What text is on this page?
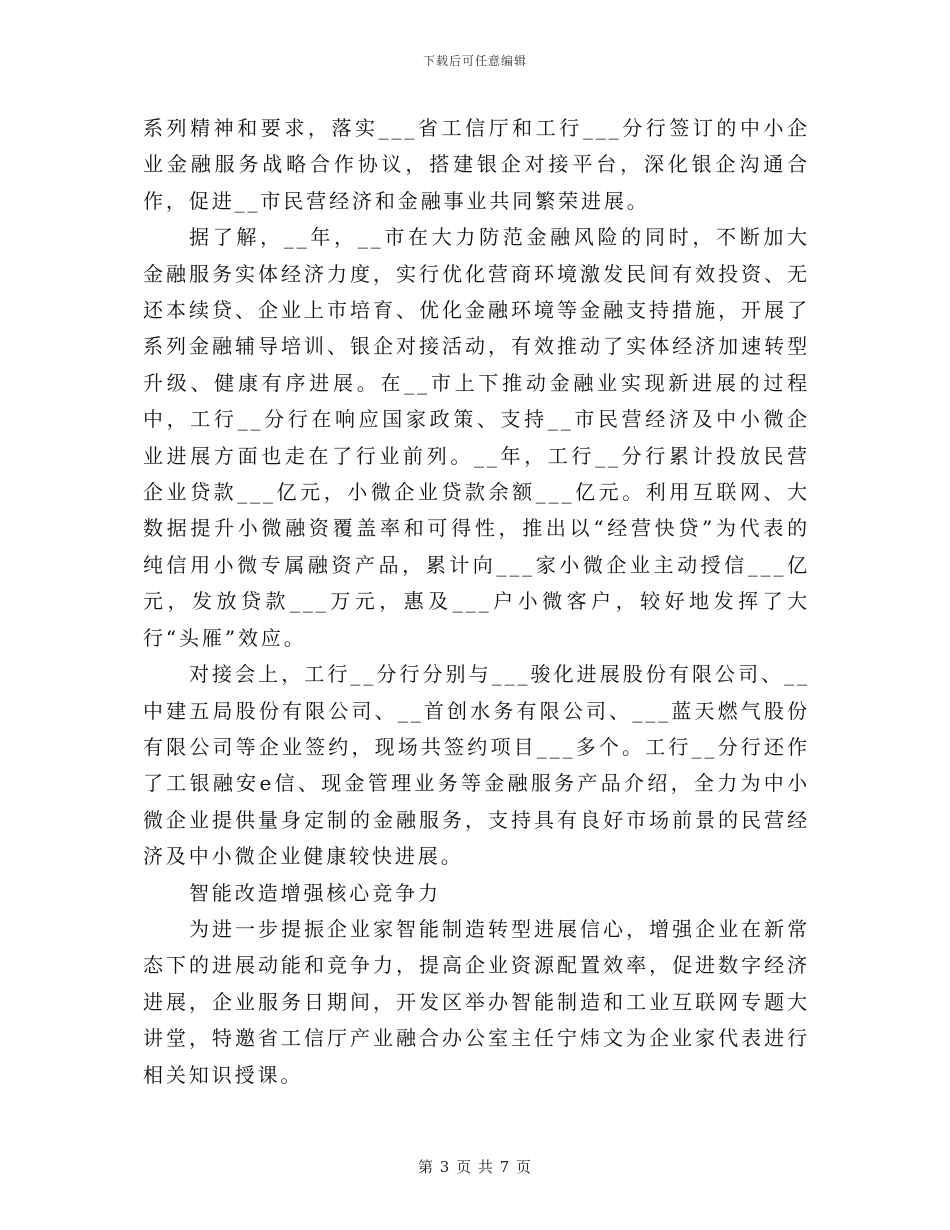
下载后可任意编辑

系列精神和要求，落实___省工信厅和工行___分行签订的中小企业金融服务战略合作协议，搭建银企对接平台，深化银企沟通合作，促进__市民营经济和金融事业共同繁荣进展。

据了解，__年，__市在大力防范金融风险的同时，不断加大金融服务实体经济力度，实行优化营商环境激发民间有效投资、无还本续贷、企业上市培育、优化金融环境等金融支持措施，开展了系列金融辅导培训、银企对接活动，有效推动了实体经济加速转型升级、健康有序进展。在__市上下推动金融业实现新进展的过程中，工行__分行在响应国家政策、支持__市民营经济及中小微企业进展方面也走在了行业前列。__年，工行__分行累计投放民营企业贷款___亿元，小微企业贷款余额___亿元。利用互联网、大数据提升小微融资覆盖率和可得性，推出以“经营快贷”为代表的纯信用小微专属融资产品，累计向___家小微企业主动授信___亿元，发放贷款___万元，惠及___户小微客户，较好地发挥了大行“头雁”效应。

对接会上，工行__分行分别与___骏化进展股份有限公司、__中建五局股份有限公司、__首创水务有限公司、___蓝天燃气股份有限公司等企业签约，现场共签约项目___多个。工行__分行还作了工银融安e信、现金管理业务等金融服务产品介绍，全力为中小微企业提供量身定制的金融服务，支持具有良好市场前景的民营经济及中小微企业健康较快进展。

智能改造增强核心竞争力

为进一步提振企业家智能制造转型进展信心，增强企业在新常态下的进展动能和竞争力，提高企业资源配置效率，促进数字经济进展，企业服务日期间，开发区举办智能制造和工业互联网专题大讲堂，特邀省工信厅产业融合办公室主任宁炜文为企业家代表进行相关知识授课。

第 3 页 共 7 页
